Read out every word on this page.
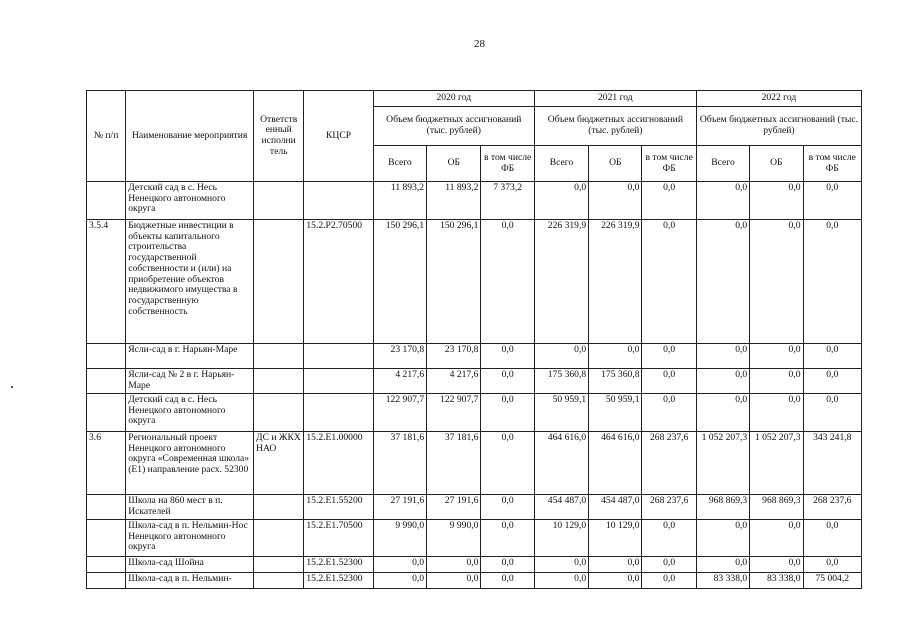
28
№ п/п	Наименование мероприятия	Ответств енный исполни тель	КЦСР	2020 год			2021 год			2022 год		
				Объем бюджетных ассигнований (тыс. рублей)			Объем бюджетных ассигнований (тыс. рублей)			Объем бюджетных ассигнований (тыс. рублей)		
				Всего	ОБ	в том числе ФБ	Всего	ОБ	в том числе ФБ	Всего	ОБ	в том числе ФБ
	Детский сад в с. Несь Ненецкого автономного округа			11 893,2	11 893,2	7 373,2	0,0	0,0	0,0	0,0	0,0	0,0
3.5.4	Бюджетные инвестиции в объекты капитального строительства государственной собственности и (или) на приобретение объектов недвижимого имущества в государственную собственность		15.2.Р2.70500	150 296,1	150 296,1	0,0	226 319,9	226 319,9	0,0	0,0	0,0	0,0
	Ясли-сад в г. Нарьян-Маре			23 170,8	23 170,8	0,0	0,0	0,0	0,0	0,0	0,0	0,0
	Ясли-сад № 2 в г. Нарьян-Маре			4 217,6	4 217,6	0,0	175 360,8	175 360,8	0,0	0,0	0,0	0,0
	Детский сад в с. Несь Ненецкого автономного округа			122 907,7	122 907,7	0,0	50 959,1	50 959,1	0,0	0,0	0,0	0,0
3.6	Региональный проект Ненецкого автономного округа «Современная школа» (Е1) направление расх. 52300	ДС и ЖКХ НАО	15.2.Е1.00000	37 181,6	37 181,6	0,0	464 616,0	464 616,0	268 237,6	1 052 207,3	1 052 207,3	343 241,8
	Школа на 860 мест в п. Искателей		15.2.Е1.55200	27 191,6	27 191,6	0,0	454 487,0	454 487,0	268 237,6	968 869,3	968 869,3	268 237,6
	Школа-сад в п. Нельмин-Нос Ненецкого автономного округа		15.2.Е1.70500	9 990,0	9 990,0	0,0	10 129,0	10 129,0	0,0	0,0	0,0	0,0
	Школа-сад Шойна		15.2.Е1.52300	0,0	0,0	0,0	0,0	0,0	0,0	0,0	0,0	0,0
	Школа-сад в п. Нельмин-		15.2.Е1.52300	0,0	0,0	0,0	0,0	0,0	0,0	83 338,0	83 338,0	75 004,2
